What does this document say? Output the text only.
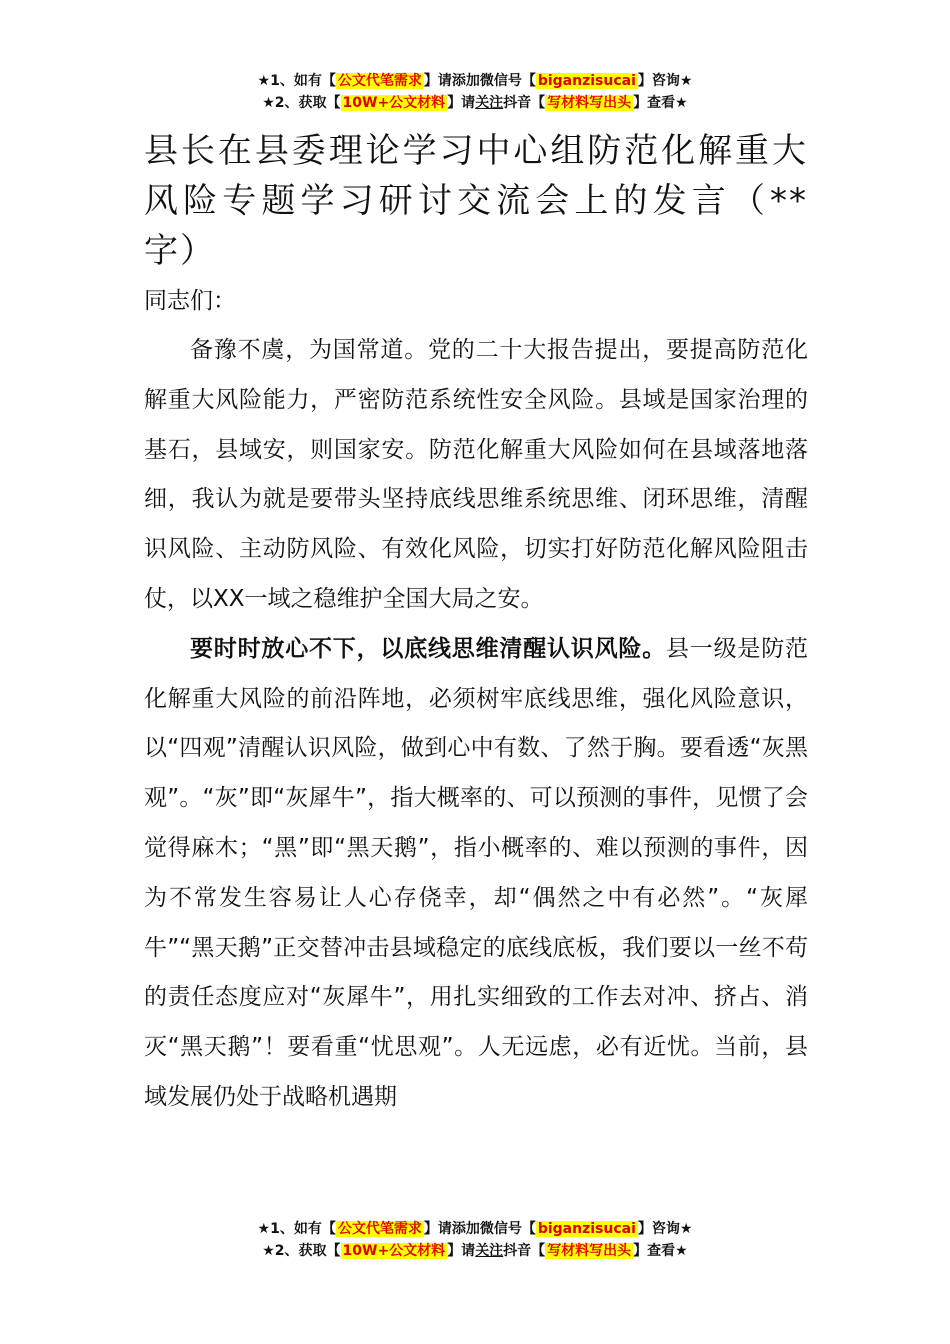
★1、如有【 公文代笔需求 】请添加微信号【 biganzisucai 】咨询★
★2、获取【 10W+公文材料 】请关注抖音【 写材料写出头 】查看★
县长在县委理论学习中心组防范化解重大风险专题学习研讨交流会上的发言（**字）

同志们：

备豫不虞，为国常道。党的二十大报告提出，要提高防范化解重大风险能力，严密防范系统性安全风险。县域是国家治理的基石，县域安，则国家安。防范化解重大风险如何在县域落地落细，我认为就是要带头坚持底线思维系统思维、闭环思维，清醒识风险、主动防风险、有效化风险，切实打好防范化解风险阻击仗，以XX一域之稳维护全国大局之安。

要时时放心不下，以底线思维清醒认识风险。县一级是防范化解重大风险的前沿阵地，必须树牢底线思维，强化风险意识，以“四观”清醒认识风险，做到心中有数、了然于胸。要看透“灰黑观”。“灰”即“灰犀牛”，指大概率的、可以预测的事件，见惯了会觉得麻木；“黑”即“黑天鹅”，指小概率的、难以预测的事件，因为不常发生容易让人心存侥幸，却“偶然之中有必然”。“灰犀牛”“黑天鹅”正交替冲击县域稳定的底线底板，我们要以一丝不苟的责任态度应对“灰犀牛”，用扎实细致的工作去对冲、挤占、消灭“黑天鹅”！要看重“忧思观”。人无远虑，必有近忧。当前，县域发展仍处于战略机遇期

★1、如有【 公文代笔需求 】请添加微信号【 biganzisucai 】咨询★
★2、获取【 10W+公文材料 】请关注抖音【 写材料写出头 】查看★
